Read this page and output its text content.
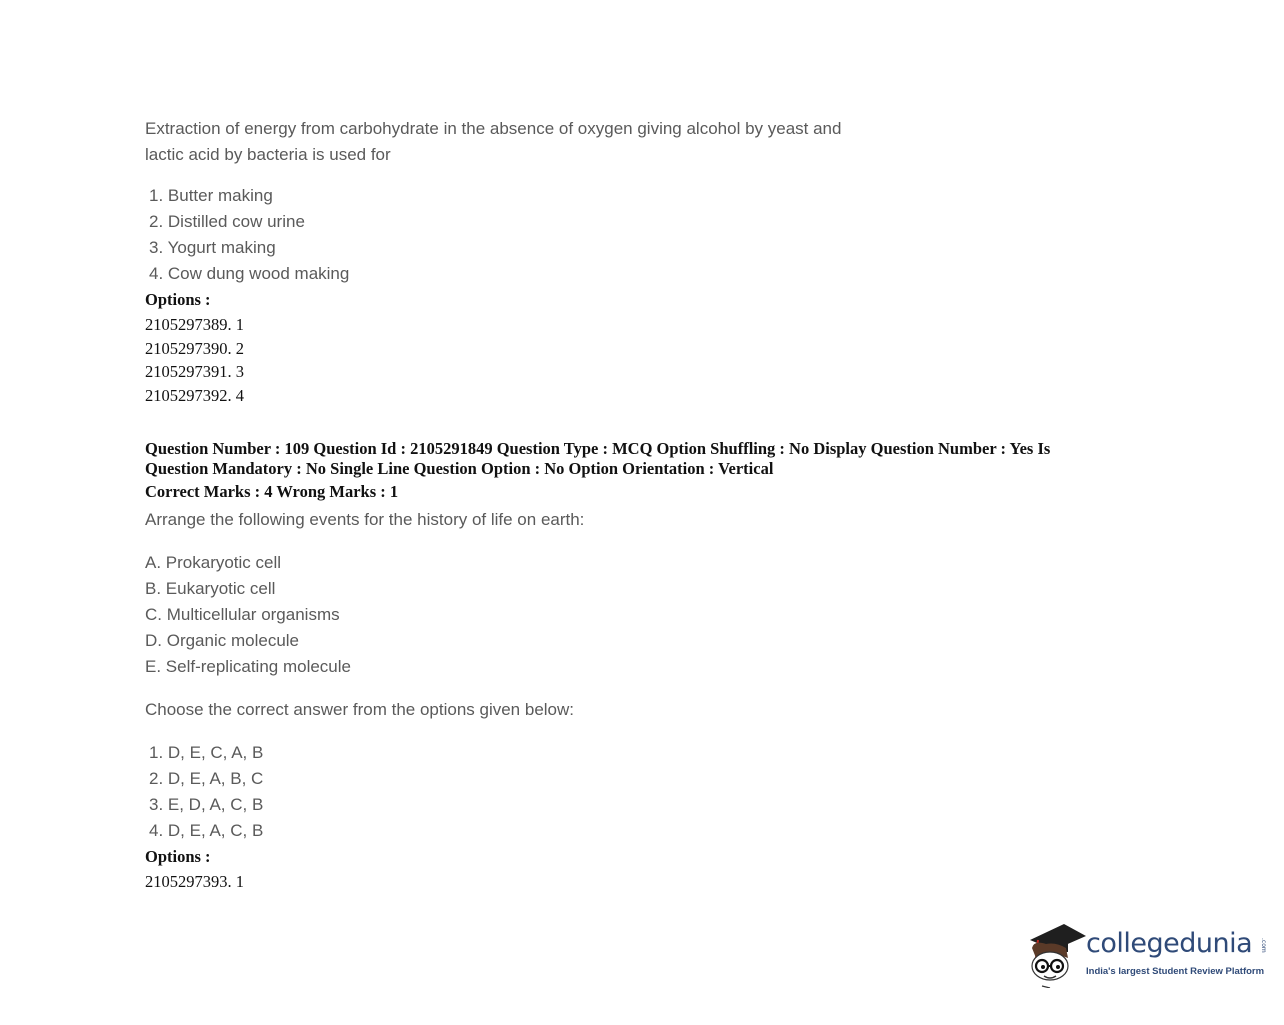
Extraction of energy from carbohydrate in the absence of oxygen giving alcohol by yeast and
lactic acid by bacteria is used for
1. Butter making
2. Distilled cow urine
3. Yogurt making
4. Cow dung wood making
Options :
2105297389. 1
2105297390. 2
2105297391. 3
2105297392. 4
Question Number : 109 Question Id : 2105291849 Question Type : MCQ Option Shuffling : No Display Question Number : Yes Is
Question Mandatory : No Single Line Question Option : No Option Orientation : Vertical
Correct Marks : 4 Wrong Marks : 1
Arrange the following events for the history of life on earth:
A. Prokaryotic cell
B. Eukaryotic cell
C. Multicellular organisms
D. Organic molecule
E. Self-replicating molecule
Choose the correct answer from the options given below:
1. D, E, C, A, B
2. D, E, A, B, C
3. E, D, A, C, B
4. D, E, A, C, B
Options :
2105297393. 1
collegedunia .com
India's largest Student Review Platform
